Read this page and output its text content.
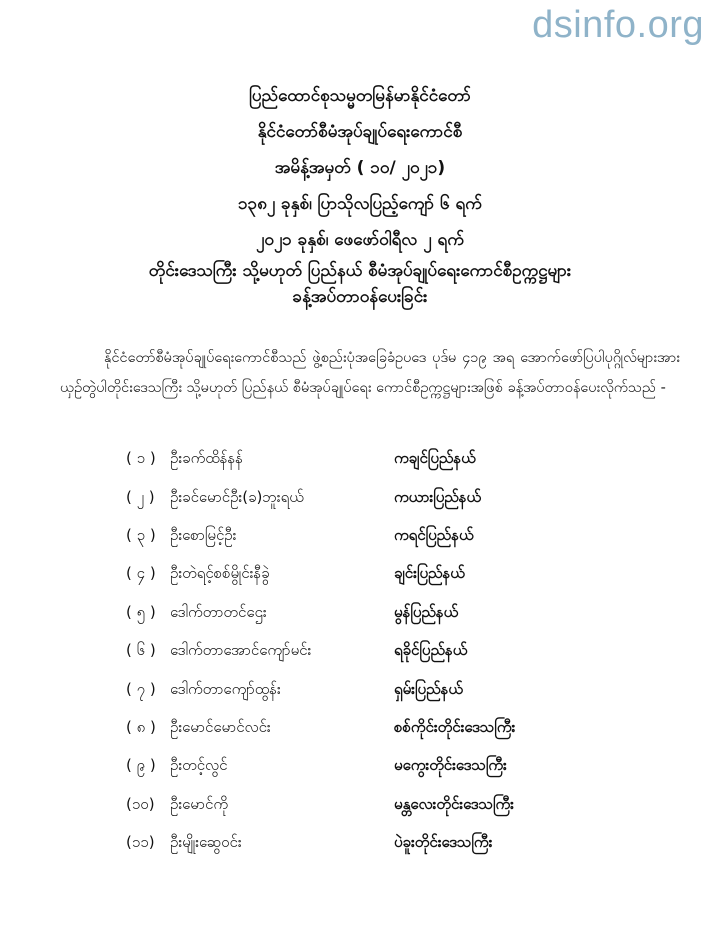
dsinfo.org
ပြည်ထောင်စုသမ္မတမြန်မာနိုင်ငံတော်
နိုင်ငံတော်စီမံအုပ်ချုပ်ရေးကောင်စီ
အမိန့်အမှတ် ( ၁၀/ ၂၀၂၁)
၁၃၈၂ ခုနှစ်၊ ပြာသိုလပြည့်ကျော် ၆ ရက်
၂၀၂၁ ခုနှစ်၊ ဖေဖော်ဝါရီလ ၂ ရက်
တိုင်းဒေသကြီး သို့မဟုတ် ပြည်နယ် စီမံအုပ်ချုပ်ရေးကောင်စီဥက္ကဋ္ဌများ
ခန့်အပ်တာဝန်ပေးခြင်း
နိုင်ငံတော်စီမံအုပ်ချုပ်ရေးကောင်စီသည် ဖွဲ့စည်းပုံအခြေခံဥပဒေ ပုဒ်မ ၄၁၉ အရ အောက်ဖော်ပြပါပုဂ္ဂိုလ်များအား ယှဉ်တွဲပါတိုင်းဒေသကြီး သို့မဟုတ် ပြည်နယ် စီမံအုပ်ချုပ်ရေး ကောင်စီဥက္ကဋ္ဌများအဖြစ် ခန့်အပ်တာဝန်ပေးလိုက်သည် -
( ၁ ) ဦးခက်ထိန်နန်	ကချင်ပြည်နယ်
( ၂ )	ဦးခင်မောင်ဦး(ခ)ဘူးရယ်	ကယားပြည်နယ်
( ၃ ) ဦးစောမြင့်ဦး	ကရင်ပြည်နယ်
( ၄ ) ဦးတဲရင့်စစ်မွိုင်းနီခွဲ	ချင်းပြည်နယ်
( ၅ ) ဒေါက်တာတင်ဌေး	မွန်ပြည်နယ်
( ၆ ) ဒေါက်တာအောင်ကျော်မင်း	ရခိုင်ပြည်နယ်
( ၇ ) ဒေါက်တာကျော်ထွန်း	ရှမ်းပြည်နယ်
( ၈ ) ဦးမောင်မောင်လင်း	စစ်ကိုင်းတိုင်းဒေသကြီး
( ၉ ) ဦးတင့်လွင်	မကွေးတိုင်းဒေသကြီး
(၁၀)	ဦးမောင်ကို	မန္တလေးတိုင်းဒေသကြီး
(၁၁)	ဦးမျိုးဆွေဝင်း	ပဲခူးတိုင်းဒေသကြီး
